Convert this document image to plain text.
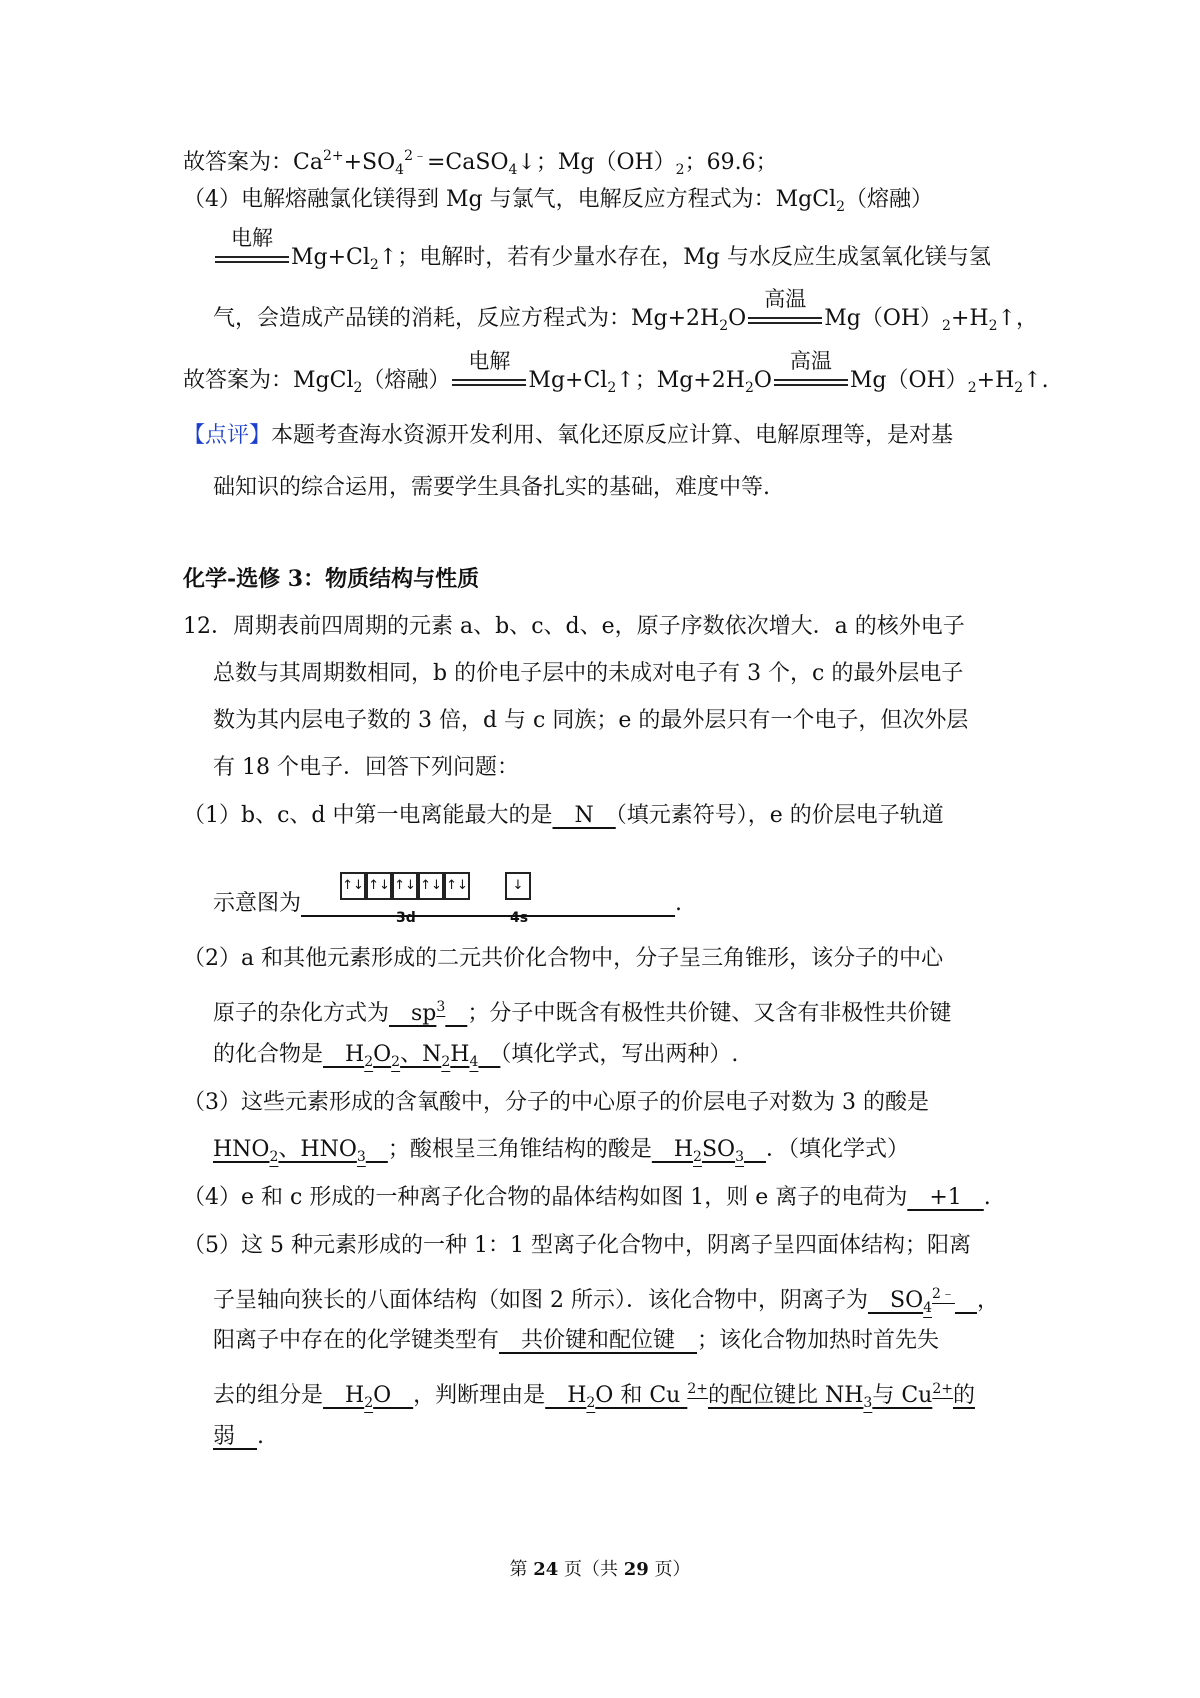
故答案为：$Ca^{2+}+SO_4^{2﹣}=CaSO_4↓$；$Mg(OH)_2$；69.6；
（4）电解熔融氯化镁得到 Mg 与氯气，电解反应方程式为：MgCl$_2$（熔融）
电解
$Mg+Cl_2↑$；电解时，若有少量水存在，Mg 与水反应生成氢氧化镁与氢
气，会造成产品镁的消耗，反应方程式为：$Mg+2H_2O$
高温
$Mg(OH)_2+H_2↑$，
故答案为：MgCl$_2$（熔融）
电解
$Mg+Cl_2↑$；$Mg+2H_2O$
高温
$Mg(OH)_2+H_2↑$.
【点评】本题考查海水资源开发利用、氧化还原反应计算、电解原理等，是对基
础知识的综合运用，需要学生具备扎实的基础，难度中等.
化学-选修 3：物质结构与性质
12．周期表前四周期的元素 a、b、c、d、e，原子序数依次增大．a 的核外电子
总数与其周期数相同，b 的价电子层中的未成对电子有 3 个，c 的最外层电子
数为其内层电子数的 3 倍，d 与 c 同族；e 的最外层只有一个电子，但次外层
有 18 个电子．回答下列问题：
（1）b、c、d 中第一电离能最大的是　N　（填元素符号），e 的价层电子轨道
示意图为　　　　　　　　　　　　　　　　　	.
（2）a 和其他元素形成的二元共价化合物中，分子呈三角锥形，该分子的中心
原子的杂化方式为　$sp^3$　 ；分子中既含有极性共价键、又含有非极性共价键
的化合物是　$H_2O_2$、$N_2H_4$　 （填化学式，写出两种）.
（3）这些元素形成的含氧酸中，分子的中心原子的价层电子对数为 3 的酸是
$HNO_2$、$HNO_3$　 ；酸根呈三角锥结构的酸是　$H_2SO_3$　 ．（填化学式）
（4）e 和 c 形成的一种离子化合物的晶体结构如图 1，则 e 离子的电荷为　+1　.
（5）这 5 种元素形成的一种 1：1 型离子化合物中，阴离子呈四面体结构；阳离
子呈轴向狭长的八面体结构（如图 2 所示）．该化合物中，阴离子为　$SO_4^{2﹣}$　 ，
阳离子中存在的化学键类型有　共价键和配位键　；该化合物加热时首先失
去的组分是　$H_2O$　，判断理由是　$H_2O$ 和 Cu $^{2+}$的配位键比 $NH_3$与 $Cu^{2+}$的
弱　.
↑↓ ↑↓ ↑↓ ↑↓ ↑↓	↓
3d	4s
第 24 页（共 29 页）
